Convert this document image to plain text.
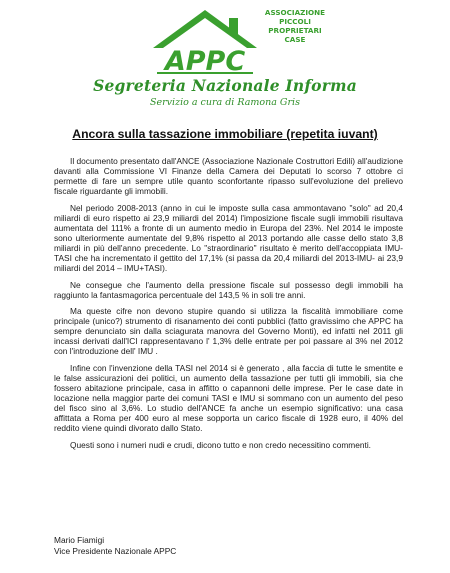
APPC
ASSOCIAZIONE
PICCOLI
PROPRIETARI
CASE
Segreteria Nazionale Informa
Servizio a cura di Ramona Gris
Ancora sulla tassazione immobiliare (repetita iuvant)

Il documento presentato dall'ANCE (Associazione Nazionale Costruttori Edili) all'audizione davanti alla Commissione VI Finanze della Camera dei Deputati lo scorso 7 ottobre ci permette di fare un sempre utile quanto sconfortante ripasso sull'evoluzione del prelievo fiscale riguardante gli immobili.

Nel periodo 2008-2013 (anno in cui le imposte sulla casa ammontavano "solo" ad 20,4 miliardi di euro rispetto ai 23,9 miliardi del 2014) l'imposizione fiscale sugli immobili risultava aumentata del 111% a fronte di un aumento medio in Europa del 23%. Nel 2014 le imposte sono ulteriormente aumentate del 9,8% rispetto al 2013 portando alle casse dello stato 3,8 miliardi in più dell'anno precedente. Lo "straordinario" risultato è merito dell'accoppiata IMU-TASI che ha incrementato il gettito del 17,1% (si passa da 20,4 miliardi del 2013-IMU- ai 23,9 miliardi del 2014 – IMU+TASI).

Ne consegue che l'aumento della pressione fiscale sul possesso degli immobili ha raggiunto la fantasmagorica percentuale del 143,5 % in soli tre anni.

Ma queste cifre non devono stupire quando si utilizza la fiscalità immobiliare come principale (unico?) strumento di risanamento dei conti pubblici (fatto gravissimo che APPC ha sempre denunciato sin dalla sciagurata manovra del Governo Monti), ed infatti nel 2011 gli incassi derivati dall'ICI rappresentavano l' 1,3% delle entrate per poi passare al 3% nel 2012 con l'introduzione dell' IMU .

Infine con l'invenzione della TASI nel 2014 si è generato , alla faccia di tutte le smentite e le false assicurazioni dei politici, un aumento della tassazione per tutti gli immobili, sia che fossero abitazione principale, casa in affitto o capannoni delle imprese. Per le case date in locazione nella maggior parte dei comuni TASI e IMU si sommano con un aumento del peso del fisco sino al 3,6%. Lo studio dell'ANCE fa anche un esempio significativo: una casa affittata a Roma per 400 euro al mese sopporta un carico fiscale di 1928 euro, il 40% del reddito viene quindi divorato dallo Stato.

Questi sono i numeri nudi e crudi, dicono tutto e non credo necessitino commenti.

Mario Fiamigi
Vice Presidente Nazionale APPC
